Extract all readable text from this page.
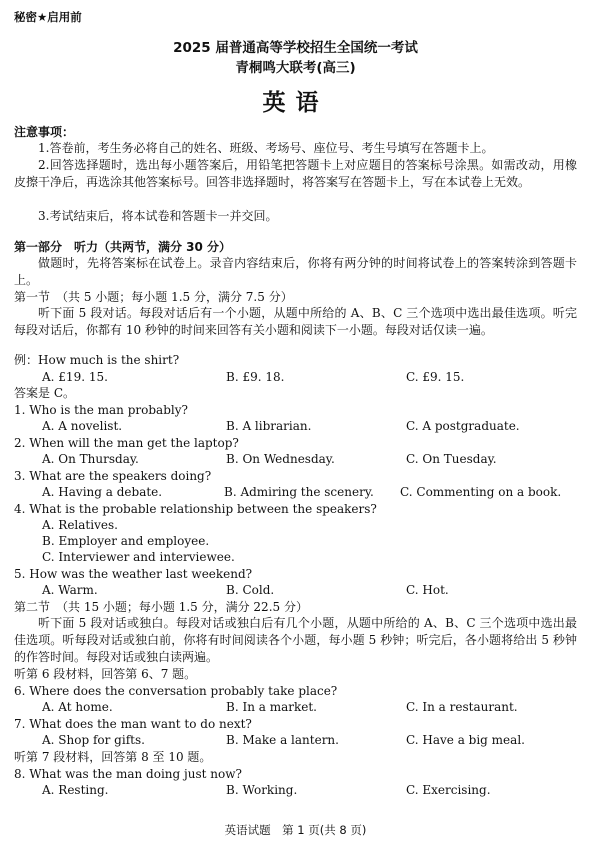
秘密★启用前
2025 届普通高等学校招生全国统一考试
青桐鸣大联考(高三)
英语
注意事项：
1.答卷前，考生务必将自己的姓名、班级、考场号、座位号、考生号填写在答题卡上。
2.回答选择题时，选出每小题答案后，用铅笔把答题卡上对应题目的答案标号涂黑。如需改动，用橡皮擦干净后，再选涂其他答案标号。回答非选择题时，将答案写在答题卡上，写在本试卷上无效。
3.考试结束后，将本试卷和答题卡一并交回。
第一部分　听力（共两节，满分 30 分）
做题时，先将答案标在试卷上。录音内容结束后，你将有两分钟的时间将试卷上的答案转涂到答题卡上。
第一节　（共 5 小题；每小题 1.5 分，满分 7.5 分）
听下面 5 段对话。每段对话后有一个小题，从题中所给的 A、B、C 三个选项中选出最佳选项。听完每段对话后，你都有 10 秒钟的时间来回答有关小题和阅读下一小题。每段对话仅读一遍。
例：How much is the shirt?
A. £19. 15.	B. £9. 18.	C. £9. 15.
答案是 C。
1. Who is the man probably?
A. A novelist.	B. A librarian.	C. A postgraduate.
2. When will the man get the laptop?
A. On Thursday.	B. On Wednesday.	C. On Tuesday.
3. What are the speakers doing?
A. Having a debate.	B. Admiring the scenery. C. Commenting on a book.
4. What is the probable relationship between the speakers?
A. Relatives.
B. Employer and employee.
C. Interviewer and interviewee.
5. How was the weather last weekend?
A. Warm.	B. Cold.	C. Hot.
第二节　（共 15 小题；每小题 1.5 分，满分 22.5 分）
听下面 5 段对话或独白。每段对话或独白后有几个小题，从题中所给的 A、B、C 三个选项中选出最佳选项。听每段对话或独白前，你将有时间阅读各个小题，每小题 5 秒钟；听完后，各小题将给出 5 秒钟的作答时间。每段对话或独白读两遍。
听第 6 段材料，回答第 6、7 题。
6. Where does the conversation probably take place?
A. At home.	B. In a market.	C. In a restaurant.
7. What does the man want to do next?
A. Shop for gifts.	B. Make a lantern.	C. Have a big meal.
听第 7 段材料，回答第 8 至 10 题。
8. What was the man doing just now?
A. Resting.	B. Working.	C. Exercising.
英语试题　第 1 页(共 8 页)
